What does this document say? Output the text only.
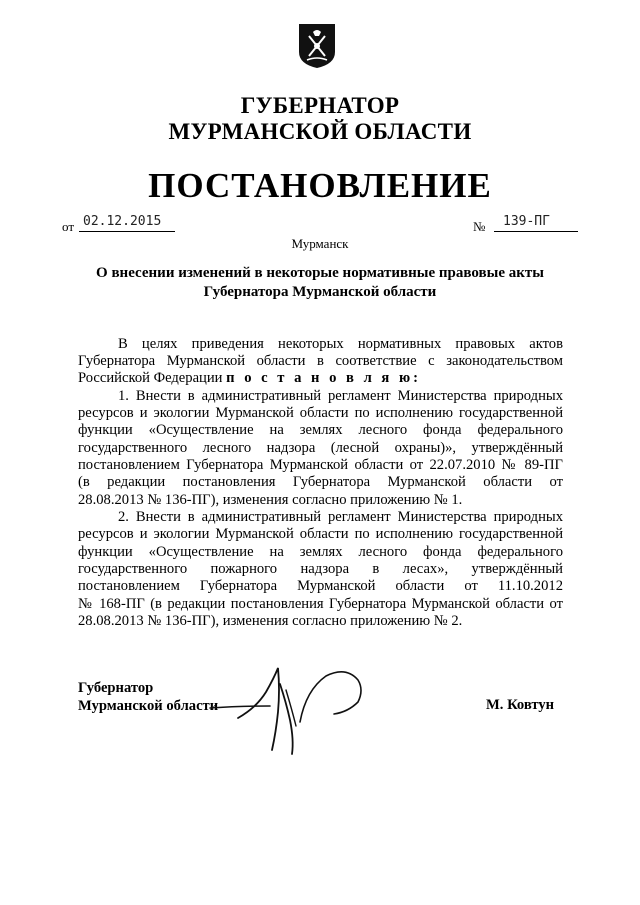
ГУБЕРНАТОР
МУРМАНСКОЙ ОБЛАСТИ
ПОСТАНОВЛЕНИЕ
от 02.12.2015	№ 139-ПГ
Мурманск
О внесении изменений в некоторые нормативные правовые акты
Губернатора Мурманской области
В целях приведения некоторых нормативных правовых актов
Губернатора Мурманской области в соответствие с законодательством
Российской Федерации п о с т а н о в л я ю:
1. Внести в административный регламент Министерства природных
ресурсов и экологии Мурманской области по исполнению государственной
функции «Осуществление на землях лесного фонда федерального
государственного лесного надзора (лесной охраны)», утверждённый
постановлением Губернатора Мурманской области от 22.07.2010 № 89-ПГ
(в редакции постановления Губернатора Мурманской области от
28.08.2013 № 136-ПГ), изменения согласно приложению № 1.
2. Внести в административный регламент Министерства природных
ресурсов и экологии Мурманской области по исполнению государственной
функции «Осуществление на землях лесного фонда федерального
государственного пожарного надзора в лесах», утверждённый
постановлением Губернатора Мурманской области от 11.10.2012
№ 168-ПГ (в редакции постановления Губернатора Мурманской области от
28.08.2013 № 136-ПГ), изменения согласно приложению № 2.
Губернатор
Мурманской области	М. Ковтун
